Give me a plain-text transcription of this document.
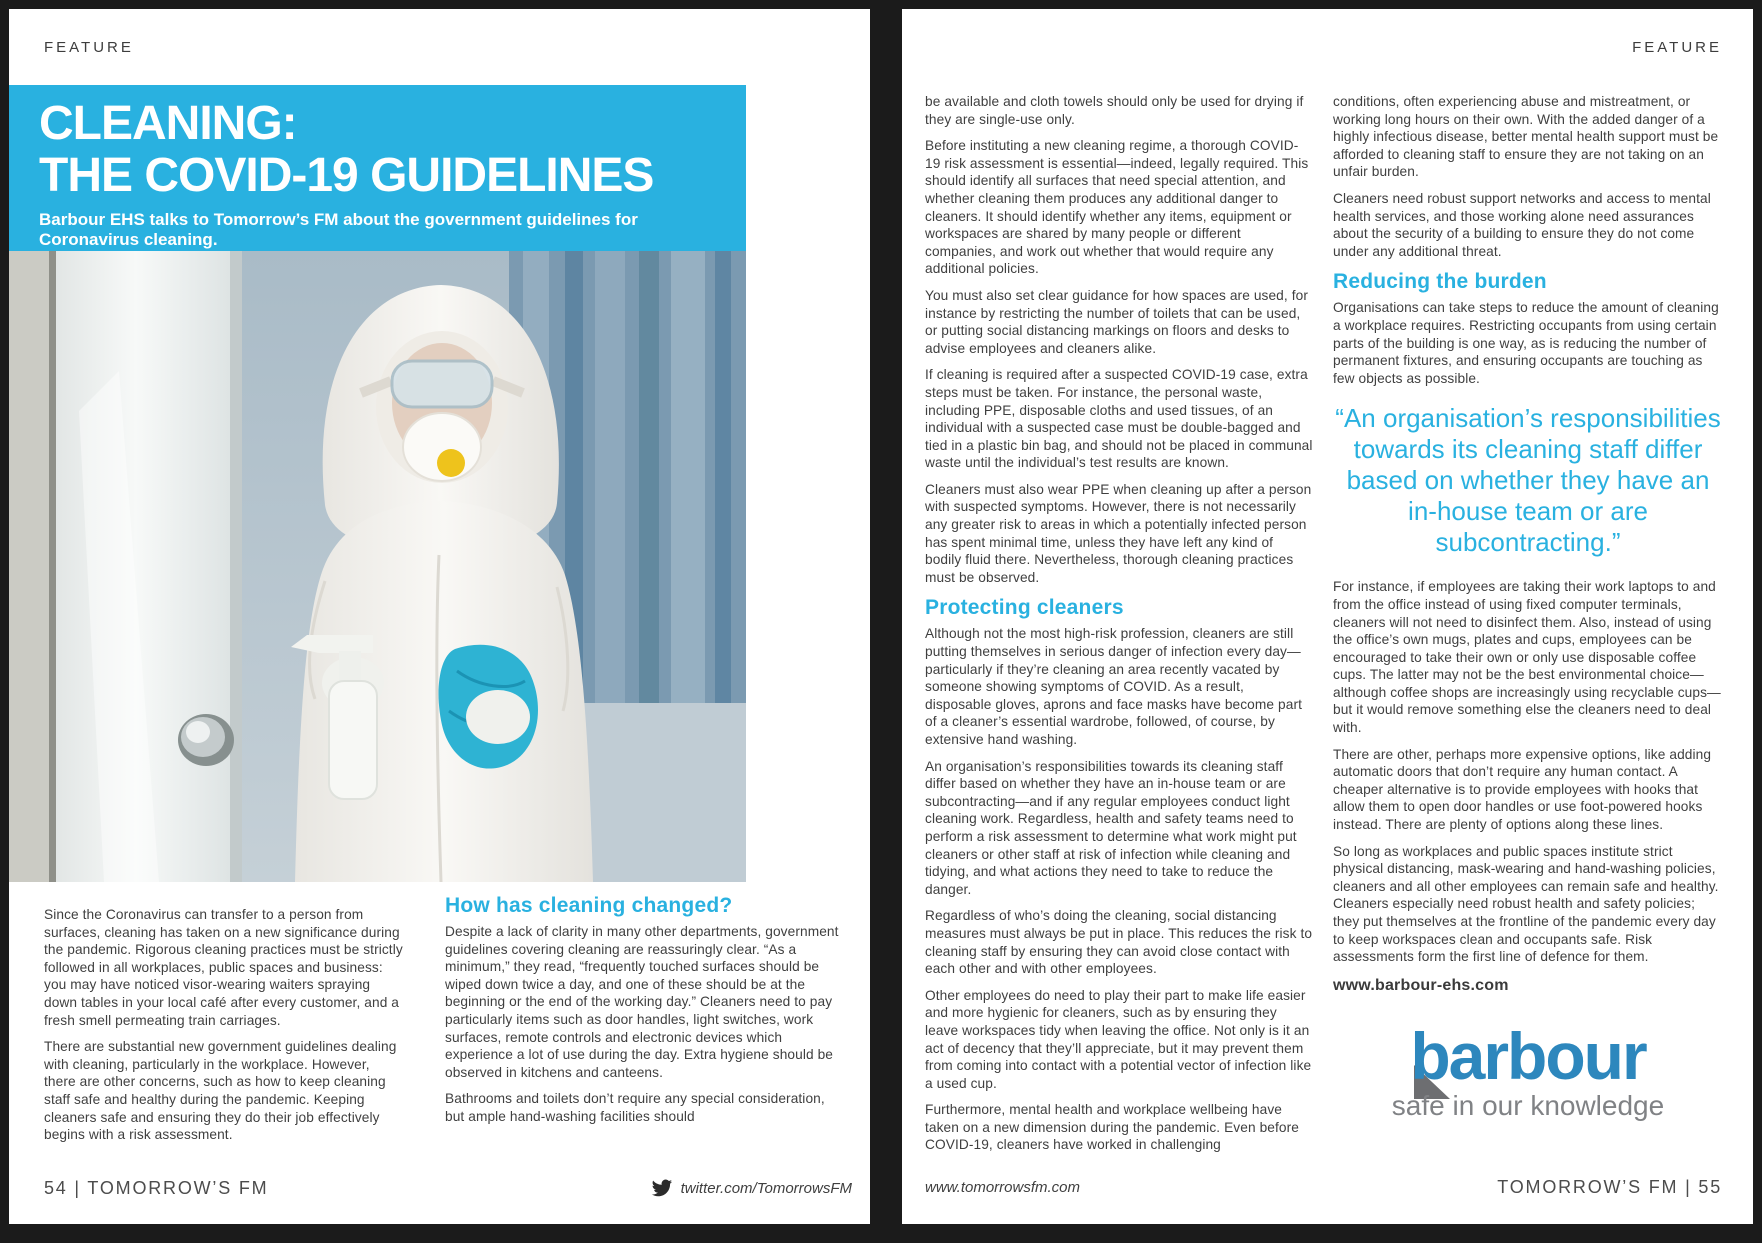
FEATURE
CLEANING:
THE COVID-19 GUIDELINES
Barbour EHS talks to Tomorrow’s FM about the government guidelines for Coronavirus cleaning.

Since the Coronavirus can transfer to a person from surfaces, cleaning has taken on a new significance during the pandemic. Rigorous cleaning practices must be strictly followed in all workplaces, public spaces and business: you may have noticed visor-wearing waiters spraying down tables in your local café after every customer, and a fresh smell permeating train carriages.

There are substantial new government guidelines dealing with cleaning, particularly in the workplace. However, there are other concerns, such as how to keep cleaning staff safe and healthy during the pandemic. Keeping cleaners safe and ensuring they do their job effectively begins with a risk assessment.

How has cleaning changed?

Despite a lack of clarity in many other departments, government guidelines covering cleaning are reassuringly clear. “As a minimum,” they read, “frequently touched surfaces should be wiped down twice a day, and one of these should be at the beginning or the end of the working day.” Cleaners need to pay particularly items such as door handles, light switches, work surfaces, remote controls and electronic devices which experience a lot of use during the day. Extra hygiene should be observed in kitchens and canteens.

Bathrooms and toilets don’t require any special consideration, but ample hand-washing facilities should

54 | TOMORROW’S FM	twitter.com/TomorrowsFM
FEATURE

be available and cloth towels should only be used for drying if they are single-use only.

Before instituting a new cleaning regime, a thorough COVID-19 risk assessment is essential—indeed, legally required. This should identify all surfaces that need special attention, and whether cleaning them produces any additional danger to cleaners. It should identify whether any items, equipment or workspaces are shared by many people or different companies, and work out whether that would require any additional policies.

You must also set clear guidance for how spaces are used, for instance by restricting the number of toilets that can be used, or putting social distancing markings on floors and desks to advise employees and cleaners alike.

If cleaning is required after a suspected COVID-19 case, extra steps must be taken. For instance, the personal waste, including PPE, disposable cloths and used tissues, of an individual with a suspected case must be double-bagged and tied in a plastic bin bag, and should not be placed in communal waste until the individual’s test results are known.

Cleaners must also wear PPE when cleaning up after a person with suspected symptoms. However, there is not necessarily any greater risk to areas in which a potentially infected person has spent minimal time, unless they have left any kind of bodily fluid there. Nevertheless, thorough cleaning practices must be observed.

Protecting cleaners

Although not the most high-risk profession, cleaners are still putting themselves in serious danger of infection every day—particularly if they’re cleaning an area recently vacated by someone showing symptoms of COVID. As a result, disposable gloves, aprons and face masks have become part of a cleaner’s essential wardrobe, followed, of course, by extensive hand washing.

An organisation’s responsibilities towards its cleaning staff differ based on whether they have an in-house team or are subcontracting—and if any regular employees conduct light cleaning work. Regardless, health and safety teams need to perform a risk assessment to determine what work might put cleaners or other staff at risk of infection while cleaning and tidying, and what actions they need to take to reduce the danger.

Regardless of who’s doing the cleaning, social distancing measures must always be put in place. This reduces the risk to cleaning staff by ensuring they can avoid close contact with each other and with other employees.

Other employees do need to play their part to make life easier and more hygienic for cleaners, such as by ensuring they leave workspaces tidy when leaving the office. Not only is it an act of decency that they’ll appreciate, but it may prevent them from coming into contact with a potential vector of infection like a used cup.

Furthermore, mental health and workplace wellbeing have taken on a new dimension during the pandemic. Even before COVID-19, cleaners have worked in challenging

conditions, often experiencing abuse and mistreatment, or working long hours on their own. With the added danger of a highly infectious disease, better mental health support must be afforded to cleaning staff to ensure they are not taking on an unfair burden.

Cleaners need robust support networks and access to mental health services, and those working alone need assurances about the security of a building to ensure they do not come under any additional threat.

Reducing the burden

Organisations can take steps to reduce the amount of cleaning a workplace requires. Restricting occupants from using certain parts of the building is one way, as is reducing the number of permanent fixtures, and ensuring occupants are touching as few objects as possible.

“An organisation’s responsibilities towards its cleaning staff differ based on whether they have an in-house team or are subcontracting.”

For instance, if employees are taking their work laptops to and from the office instead of using fixed computer terminals, cleaners will not need to disinfect them. Also, instead of using the office’s own mugs, plates and cups, employees can be encouraged to take their own or only use disposable coffee cups. The latter may not be the best environmental choice—although coffee shops are increasingly using recyclable cups—but it would remove something else the cleaners need to deal with.

There are other, perhaps more expensive options, like adding automatic doors that don’t require any human contact. A cheaper alternative is to provide employees with hooks that allow them to open door handles or use foot-powered hooks instead. There are plenty of options along these lines.

So long as workplaces and public spaces institute strict physical distancing, mask-wearing and hand-washing policies, cleaners and all other employees can remain safe and healthy. Cleaners especially need robust health and safety policies; they put themselves at the frontline of the pandemic every day to keep workspaces clean and occupants safe. Risk assessments form the first line of defence for them.

www.barbour-ehs.com

barbour
safe in our knowledge
www.tomorrowsfm.com	TOMORROW’S FM | 55
